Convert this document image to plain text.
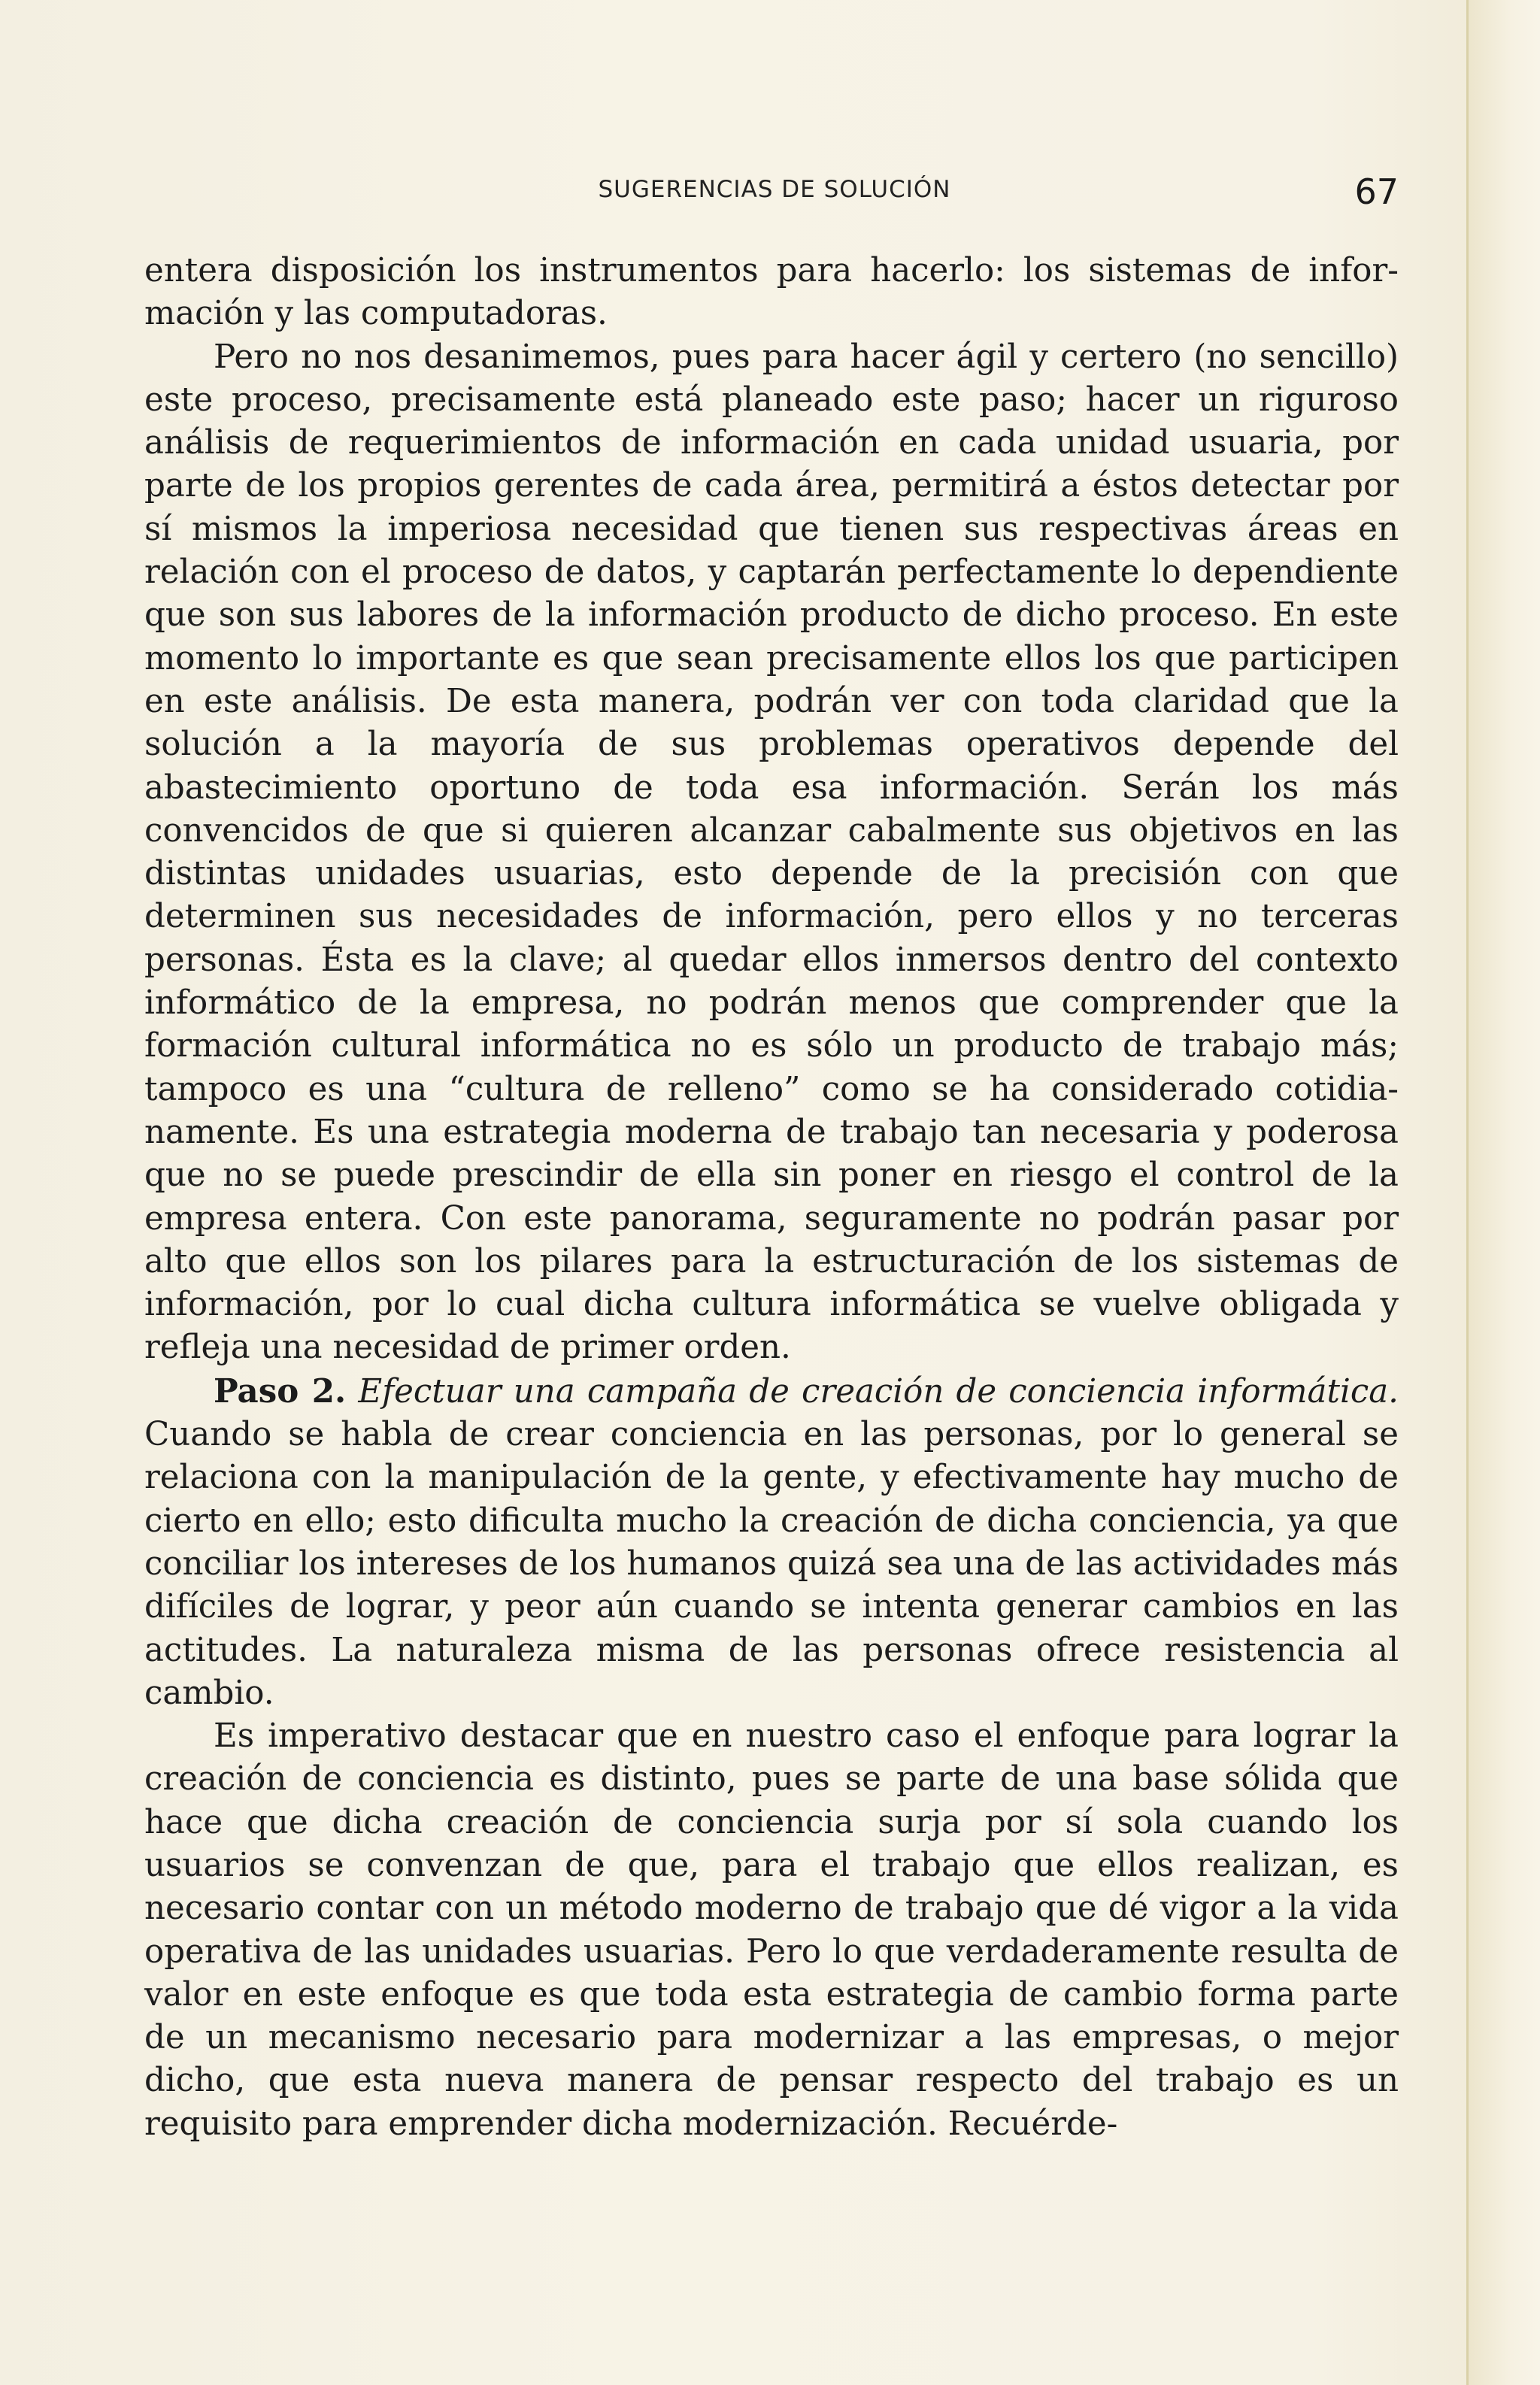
SUGERENCIAS DE SOLUCIÓN	67

entera disposición los instrumentos para hacerlo: los sistemas de información y las computadoras.

Pero no nos desanimemos, pues para hacer ágil y certero (no sencillo) este proceso, precisamente está planeado este paso; hacer un riguroso análisis de requerimientos de información en cada unidad usuaria, por parte de los propios gerentes de cada área, permitirá a éstos detectar por sí mismos la imperiosa necesidad que tienen sus respectivas áreas en relación con el proceso de datos, y captarán perfectamente lo dependiente que son sus labores de la información producto de dicho proceso. En este momento lo importante es que sean precisamente ellos los que participen en este análisis. De esta manera, podrán ver con toda claridad que la solución a la mayoría de sus problemas operativos depende del abastecimiento oportuno de toda esa información. Serán los más convencidos de que si quieren alcanzar cabalmente sus objetivos en las distintas unidades usuarias, esto depende de la precisión con que determinen sus necesidades de información, pero ellos y no terceras personas. Ésta es la clave; al quedar ellos inmersos dentro del contexto informático de la empresa, no podrán menos que comprender que la formación cultural informática no es sólo un producto de trabajo más; tampoco es una “cultura de relleno” como se ha considerado cotidianamente. Es una estrategia moderna de trabajo tan necesaria y poderosa que no se puede prescindir de ella sin poner en riesgo el control de la empresa entera. Con este panorama, seguramente no podrán pasar por alto que ellos son los pilares para la estructuración de los sistemas de información, por lo cual dicha cultura informática se vuelve obligada y refleja una necesidad de primer orden.

Paso 2. Efectuar una campaña de creación de conciencia informática. Cuando se habla de crear conciencia en las personas, por lo general se relaciona con la manipulación de la gente, y efectivamente hay mucho de cierto en ello; esto dificulta mucho la creación de dicha conciencia, ya que conciliar los intereses de los humanos quizá sea una de las actividades más difíciles de lograr, y peor aún cuando se intenta generar cambios en las actitudes. La naturaleza misma de las personas ofrece resistencia al cambio.

Es imperativo destacar que en nuestro caso el enfoque para lograr la creación de conciencia es distinto, pues se parte de una base sólida que hace que dicha creación de conciencia surja por sí sola cuando los usuarios se convenzan de que, para el trabajo que ellos realizan, es necesario contar con un método moderno de trabajo que dé vigor a la vida operativa de las unidades usuarias. Pero lo que verdaderamente resulta de valor en este enfoque es que toda esta estrategia de cambio forma parte de un mecanismo necesario para modernizar a las empresas, o mejor dicho, que esta nueva manera de pensar respecto del trabajo es un requisito para emprender dicha modernización. Recuérde-
